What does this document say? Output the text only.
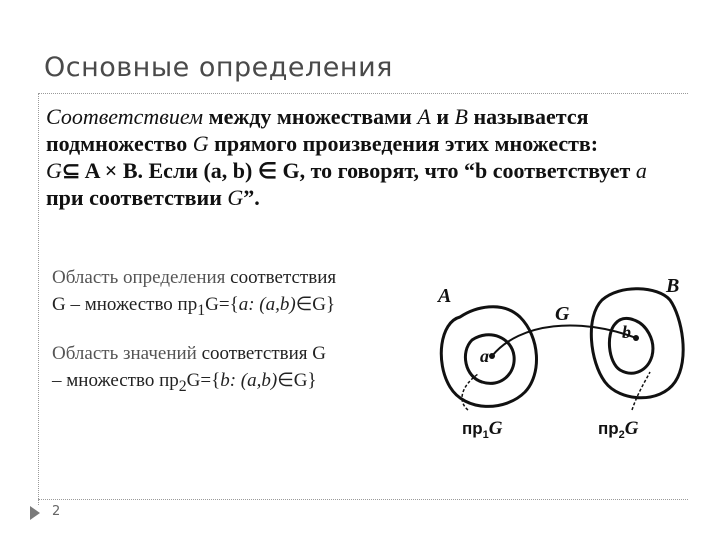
Основные определения
Соответствием между множествами A и B называется
подмножество G прямого произведения этих множеств:
G⊆ A × B. Если (a, b) ∈ G, то говорят, что “b соответствует a
при соответствии G”.
Область определения соответствия
G – множество $пр_1G=\{a$: (a,b)∈G}
Область значений соответствия G
– множество $пр_2G=\{b$: (a,b)∈G}
A	B
a
b
G
$пр_1G$	$пр_2G$
2
